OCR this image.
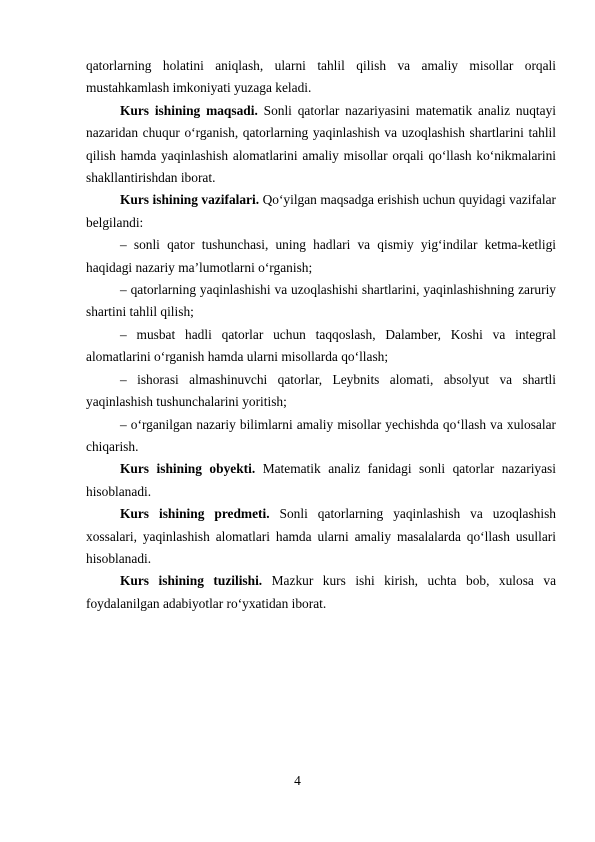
qatorlarning holatini aniqlash, ularni tahlil qilish va amaliy misollar orqali mustahkamlash imkoniyati yuzaga keladi.

Kurs ishining maqsadi. Sonli qatorlar nazariyasini matematik analiz nuqtayi nazaridan chuqur o‘rganish, qatorlarning yaqinlashish va uzoqlashish shartlarini tahlil qilish hamda yaqinlashish alomatlarini amaliy misollar orqali qo‘llash ko‘nikmalarini shakllantirishdan iborat.

Kurs ishining vazifalari. Qo‘yilgan maqsadga erishish uchun quyidagi vazifalar belgilandi:

– sonli qator tushunchasi, uning hadlari va qismiy yig‘indilar ketma-ketligi haqidagi nazariy ma’lumotlarni o‘rganish;

– qatorlarning yaqinlashishi va uzoqlashishi shartlarini, yaqinlashishning zaruriy shartini tahlil qilish;

– musbat hadli qatorlar uchun taqqoslash, Dalamber, Koshi va integral alomatlarini o‘rganish hamda ularni misollarda qo‘llash;

– ishorasi almashinuvchi qatorlar, Leybnits alomati, absolyut va shartli yaqinlashish tushunchalarini yoritish;

– o‘rganilgan nazariy bilimlarni amaliy misollar yechishda qo‘llash va xulosalar chiqarish.

Kurs ishining obyekti. Matematik analiz fanidagi sonli qatorlar nazariyasi hisoblanadi.

Kurs ishining predmeti. Sonli qatorlarning yaqinlashish va uzoqlashish xossalari, yaqinlashish alomatlari hamda ularni amaliy masalalarda qo‘llash usullari hisoblanadi.

Kurs ishining tuzilishi. Mazkur kurs ishi kirish, uchta bob, xulosa va foydalanilgan adabiyotlar ro‘yxatidan iborat.

4
